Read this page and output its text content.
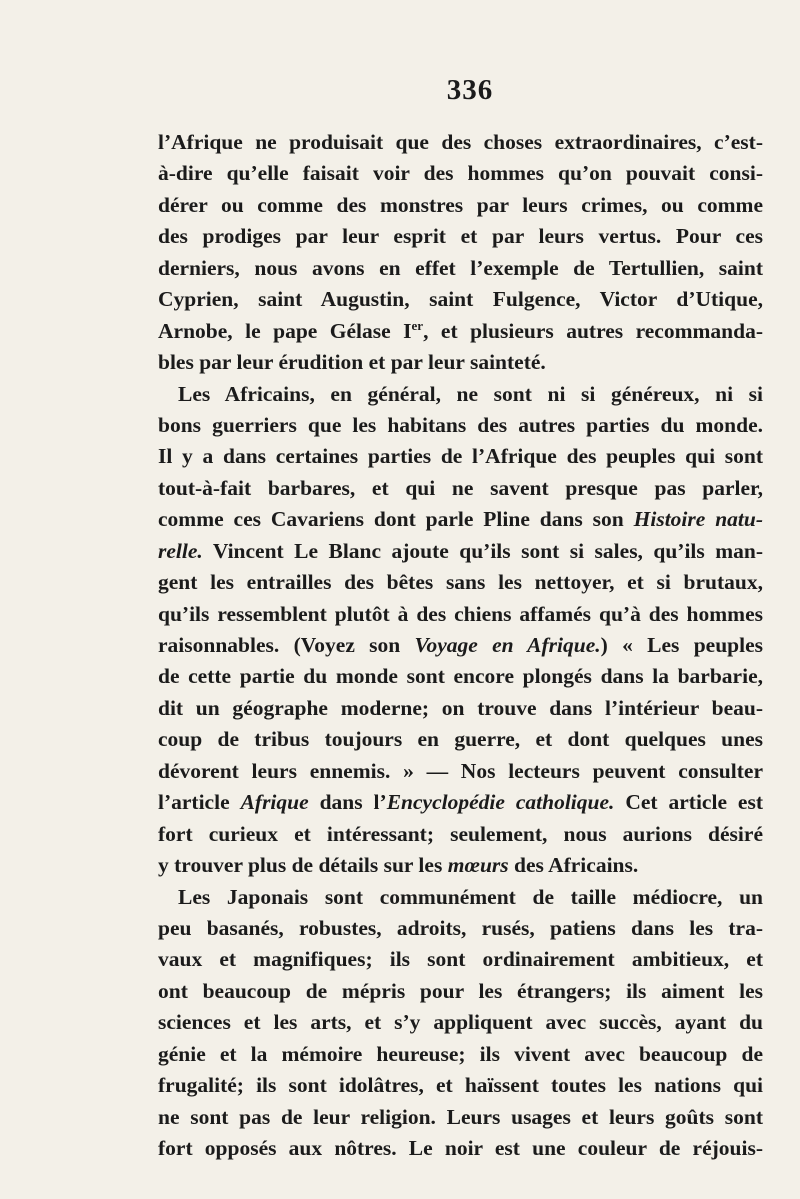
336
l’Afrique ne produisait que des choses extraordinaires, c’est-
à-dire qu’elle faisait voir des hommes qu’on pouvait consi-
dérer ou comme des monstres par leurs crimes, ou comme
des prodiges par leur esprit et par leurs vertus. Pour ces
derniers, nous avons en effet l’exemple de Tertullien, saint
Cyprien, saint Augustin, saint Fulgence, Victor d’Utique,
Arnobe, le pape Gélase Ier, et plusieurs autres recommanda-
bles par leur érudition et par leur sainteté.
Les Africains, en général, ne sont ni si généreux, ni si
bons guerriers que les habitans des autres parties du monde.
Il y a dans certaines parties de l’Afrique des peuples qui sont
tout-à-fait barbares, et qui ne savent presque pas parler,
comme ces Cavariens dont parle Pline dans son Histoire natu-
relle. Vincent Le Blanc ajoute qu’ils sont si sales, qu’ils man-
gent les entrailles des bêtes sans les nettoyer, et si brutaux,
qu’ils ressemblent plutôt à des chiens affamés qu’à des hommes
raisonnables. (Voyez son Voyage en Afrique.) « Les peuples
de cette partie du monde sont encore plongés dans la barbarie,
dit un géographe moderne; on trouve dans l’intérieur beau-
coup de tribus toujours en guerre, et dont quelques unes
dévorent leurs ennemis. » — Nos lecteurs peuvent consulter
l’article Afrique dans l’Encyclopédie catholique. Cet article est
fort curieux et intéressant; seulement, nous aurions désiré
y trouver plus de détails sur les mœurs des Africains.
Les Japonais sont communément de taille médiocre, un
peu basanés, robustes, adroits, rusés, patiens dans les tra-
vaux et magnifiques; ils sont ordinairement ambitieux, et
ont beaucoup de mépris pour les étrangers; ils aiment les
sciences et les arts, et s’y appliquent avec succès, ayant du
génie et la mémoire heureuse; ils vivent avec beaucoup de
frugalité; ils sont idolâtres, et haïssent toutes les nations qui
ne sont pas de leur religion. Leurs usages et leurs goûts sont
fort opposés aux nôtres. Le noir est une couleur de réjouis-
